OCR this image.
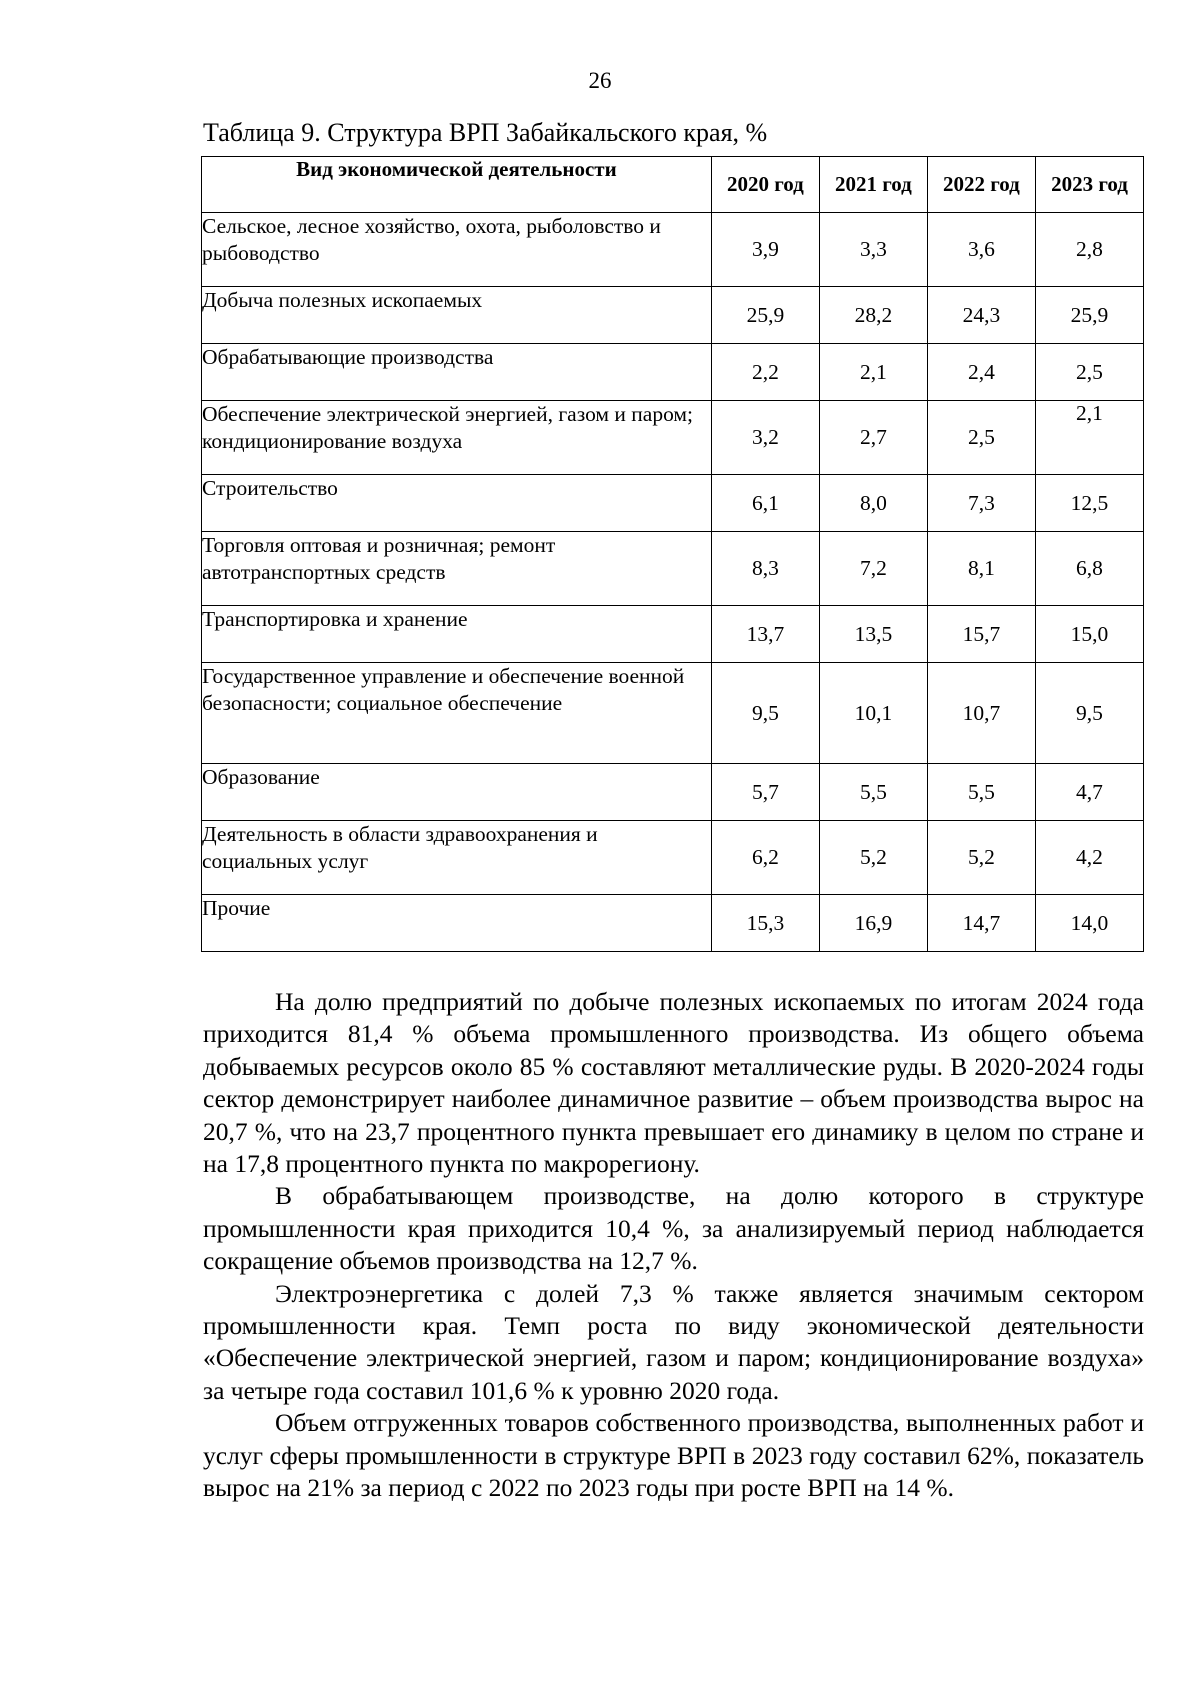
26
Таблица 9. Структура ВРП Забайкальского края, %
Вид экономической деятельности	2020 год	2021 год	2022 год	2023 год
Сельское, лесное хозяйство, охота, рыболовство и рыбоводство	3,9	3,3	3,6	2,8
Добыча полезных ископаемых	25,9	28,2	24,3	25,9
Обрабатывающие производства	2,2	2,1	2,4	2,5
Обеспечение электрической энергией, газом и паром; кондиционирование воздуха	3,2	2,7	2,5	2,1
Строительство	6,1	8,0	7,3	12,5
Торговля оптовая и розничная; ремонт автотранспортных средств	8,3	7,2	8,1	6,8
Транспортировка и хранение	13,7	13,5	15,7	15,0
Государственное управление и обеспечение военной безопасности; социальное обеспечение	9,5	10,1	10,7	9,5
Образование	5,7	5,5	5,5	4,7
Деятельность в области здравоохранения и социальных услуг	6,2	5,2	5,2	4,2
Прочие	15,3	16,9	14,7	14,0

На долю предприятий по добыче полезных ископаемых по итогам 2024 года приходится 81,4 % объема промышленного производства. Из общего объема добываемых ресурсов около 85 % составляют металлические руды. В 2020-2024 годы сектор демонстрирует наиболее динамичное развитие – объем производства вырос на 20,7 %, что на 23,7 процентного пункта превышает его динамику в целом по стране и на 17,8 процентного пункта по макрорегиону.

В обрабатывающем производстве, на долю которого в структуре промышленности края приходится 10,4 %, за анализируемый период наблюдается сокращение объемов производства на 12,7 %.

Электроэнергетика с долей 7,3 % также является значимым сектором промышленности края. Темп роста по виду экономической деятельности «Обеспечение электрической энергией, газом и паром; кондиционирование воздуха» за четыре года составил 101,6 % к уровню 2020 года.

Объем отгруженных товаров собственного производства, выполненных работ и услуг сферы промышленности в структуре ВРП в 2023 году составил 62%, показатель вырос на 21% за период с 2022 по 2023 годы при росте ВРП на 14 %.
